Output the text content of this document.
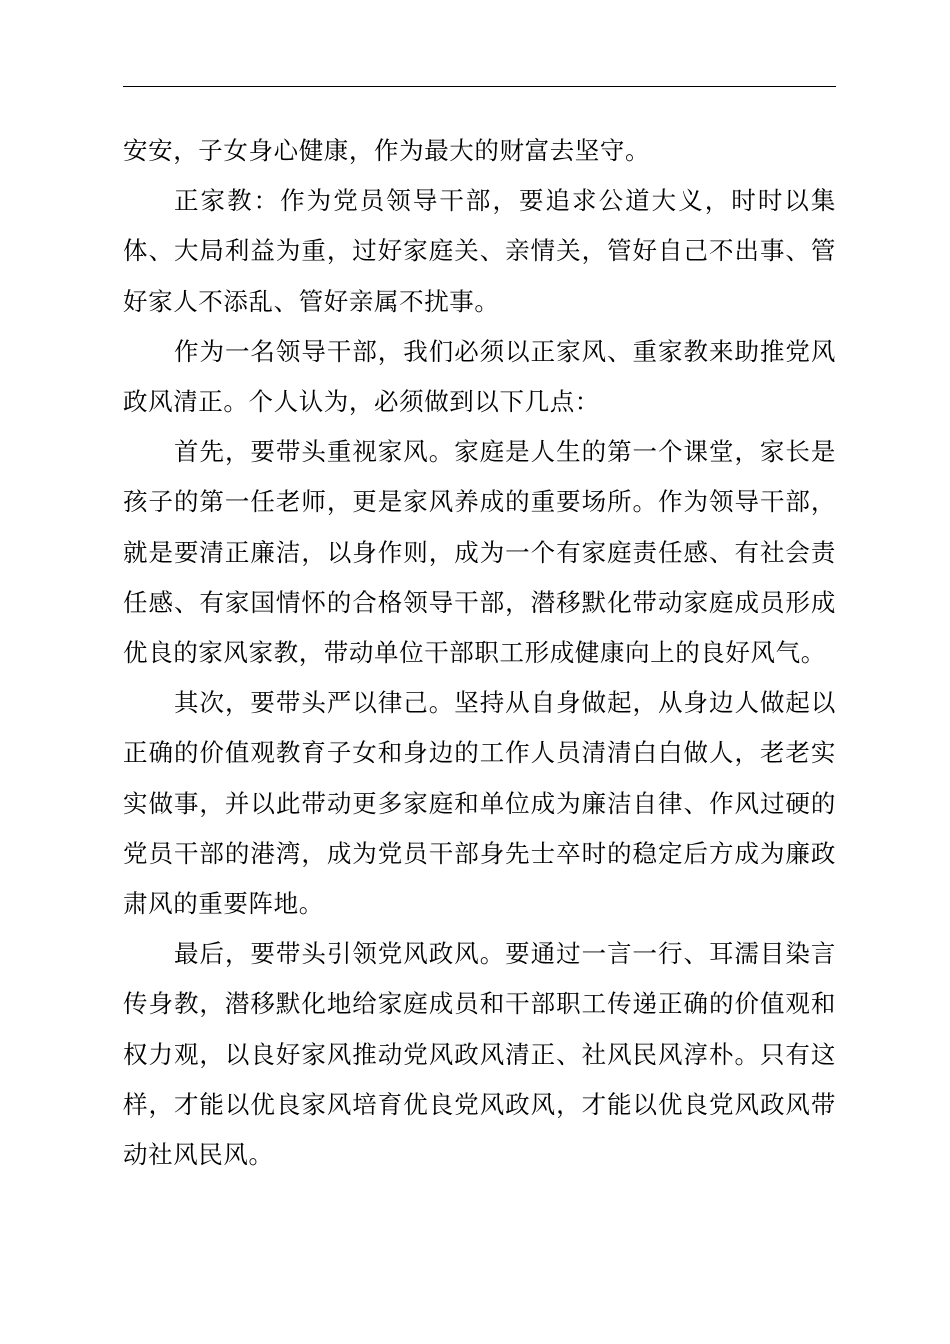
安安，子女身心健康，作为最大的财富去坚守。

正家教：作为党员领导干部，要追求公道大义，时时以集体、大局利益为重，过好家庭关、亲情关，管好自己不出事、管好家人不添乱、管好亲属不扰事。

作为一名领导干部，我们必须以正家风、重家教来助推党风政风清正。个人认为，必须做到以下几点：

首先，要带头重视家风。家庭是人生的第一个课堂，家长是孩子的第一任老师，更是家风养成的重要场所。作为领导干部，就是要清正廉洁，以身作则，成为一个有家庭责任感、有社会责任感、有家国情怀的合格领导干部，潜移默化带动家庭成员形成优良的家风家教，带动单位干部职工形成健康向上的良好风气。

其次，要带头严以律己。坚持从自身做起，从身边人做起以正确的价值观教育子女和身边的工作人员清清白白做人，老老实实做事，并以此带动更多家庭和单位成为廉洁自律、作风过硬的党员干部的港湾，成为党员干部身先士卒时的稳定后方成为廉政肃风的重要阵地。

最后，要带头引领党风政风。要通过一言一行、耳濡目染言传身教，潜移默化地给家庭成员和干部职工传递正确的价值观和权力观，以良好家风推动党风政风清正、社风民风淳朴。只有这样，才能以优良家风培育优良党风政风，才能以优良党风政风带动社风民风。
